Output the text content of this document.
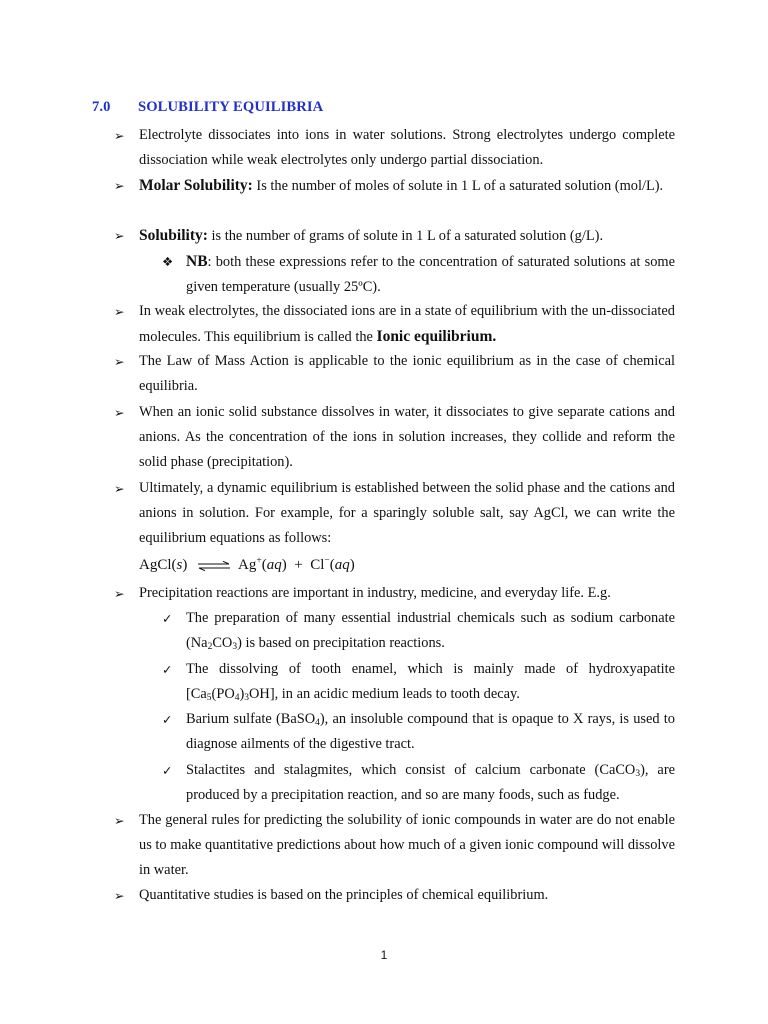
7.0 SOLUBILITY EQUILIBRIA
➢ Electrolyte dissociates into ions in water solutions. Strong electrolytes undergo complete dissociation while weak electrolytes only undergo partial dissociation.
➢ Molar Solubility: Is the number of moles of solute in 1 L of a saturated solution (mol/L).
➢ Solubility: is the number of grams of solute in 1 L of a saturated solution (g/L).
❖ NB: both these expressions refer to the concentration of saturated solutions at some given temperature (usually 25ºC).
➢ In weak electrolytes, the dissociated ions are in a state of equilibrium with the un-dissociated molecules. This equilibrium is called the Ionic equilibrium.
➢ The Law of Mass Action is applicable to the ionic equilibrium as in the case of chemical equilibria.
➢ When an ionic solid substance dissolves in water, it dissociates to give separate cations and anions. As the concentration of the ions in solution increases, they collide and reform the solid phase (precipitation).
➢ Ultimately, a dynamic equilibrium is established between the solid phase and the cations and anions in solution. For example, for a sparingly soluble salt, say AgCl, we can write the equilibrium equations as follows:
AgCl(s) ⇌ Ag+(aq) + Cl−(aq)
➢ Precipitation reactions are important in industry, medicine, and everyday life. E.g.
✓ The preparation of many essential industrial chemicals such as sodium carbonate $(Na_2CO_3)$ is based on precipitation reactions.
✓ The dissolving of tooth enamel, which is mainly made of hydroxyapatite $[Ca_5(PO_4)_3OH]$, in an acidic medium leads to tooth decay.
✓ Barium sulfate (BaSO$_4$), an insoluble compound that is opaque to X rays, is used to diagnose ailments of the digestive tract.
✓ Stalactites and stalagmites, which consist of calcium carbonate (CaCO$_3$), are produced by a precipitation reaction, and so are many foods, such as fudge.
➢ The general rules for predicting the solubility of ionic compounds in water are do not enable us to make quantitative predictions about how much of a given ionic compound will dissolve in water.
➢ Quantitative studies is based on the principles of chemical equilibrium.
1
